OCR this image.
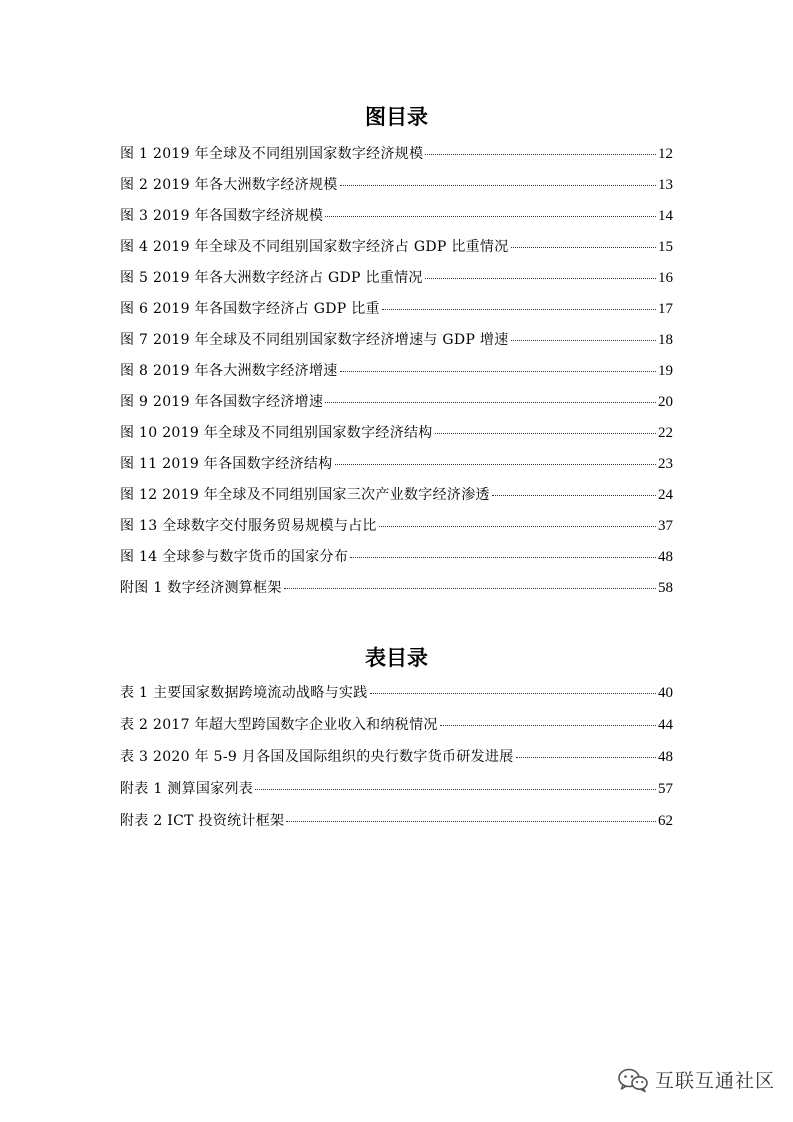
图目录
图 1 2019 年全球及不同组别国家数字经济规模	12
图 2 2019 年各大洲数字经济规模	13
图 3 2019 年各国数字经济规模	14
图 4 2019 年全球及不同组别国家数字经济占 GDP 比重情况	15
图 5 2019 年各大洲数字经济占 GDP 比重情况	16
图 6 2019 年各国数字经济占 GDP 比重	17
图 7 2019 年全球及不同组别国家数字经济增速与 GDP 增速	18
图 8 2019 年各大洲数字经济增速	19
图 9 2019 年各国数字经济增速	20
图 10 2019 年全球及不同组别国家数字经济结构	22
图 11 2019 年各国数字经济结构	23
图 12 2019 年全球及不同组别国家三次产业数字经济渗透	24
图 13 全球数字交付服务贸易规模与占比	37
图 14 全球参与数字货币的国家分布	48
附图 1 数字经济测算框架	58
表目录
表 1 主要国家数据跨境流动战略与实践	40
表 2 2017 年超大型跨国数字企业收入和纳税情况	44
表 3 2020 年 5-9 月各国及国际组织的央行数字货币研发进展	48
附表 1 测算国家列表	57
附表 2 ICT 投资统计框架	62
互联互通社区
